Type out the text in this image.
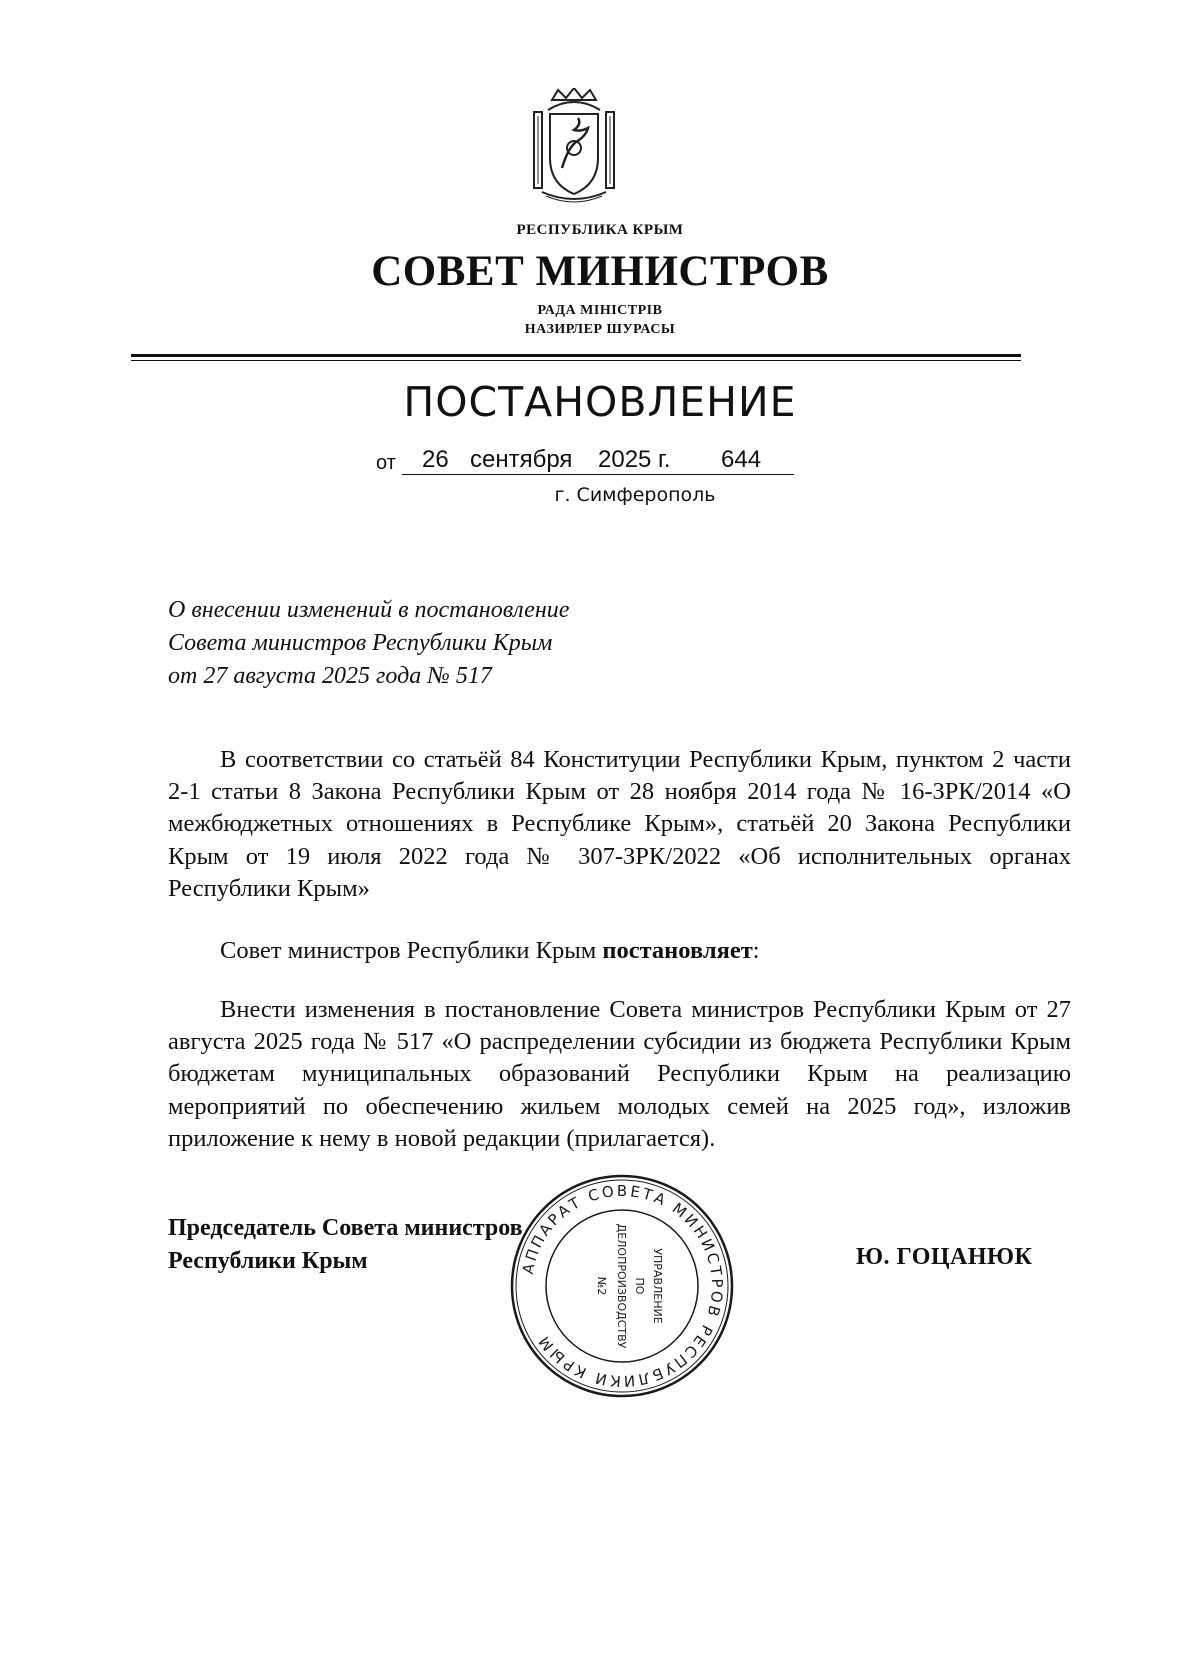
РЕСПУБЛИКА КРЫМ
СОВЕТ МИНИСТРОВ
РАДА МІНІСТРІВ
НАЗИРЛЕР ШУРАСЫ
ПОСТАНОВЛЕНИЕ
от 26 сентября 2025 г. 644
г. Симферополь
О внесении изменений в постановление
Совета министров Республики Крым
от 27 августа 2025 года № 517
В соответствии со статьёй 84 Конституции Республики Крым, пунктом 2 части 2-1 статьи 8 Закона Республики Крым от 28 ноября 2014 года № 16-ЗРК/2014 «О межбюджетных отношениях в Республике Крым», статьёй 20 Закона Республики Крым от 19 июля 2022 года № 307-ЗРК/2022 «Об исполнительных органах Республики Крым»
Совет министров Республики Крым постановляет:
Внести изменения в постановление Совета министров Республики Крым от 27 августа 2025 года № 517 «О распределении субсидии из бюджета Республики Крым бюджетам муниципальных образований Республики Крым на реализацию мероприятий по обеспечению жильем молодых семей на 2025 год», изложив приложение к нему в новой редакции (прилагается).
Председатель Совета министров
Республики Крым	Ю. ГОЦАНЮК
АППАРАТ СОВЕТА МИНИСТРОВ РЕСПУБЛИКИ КРЫМ
УПРАВЛЕНИЕ
ПО
ДЕЛОПРОИЗВОДСТВУ
№2
